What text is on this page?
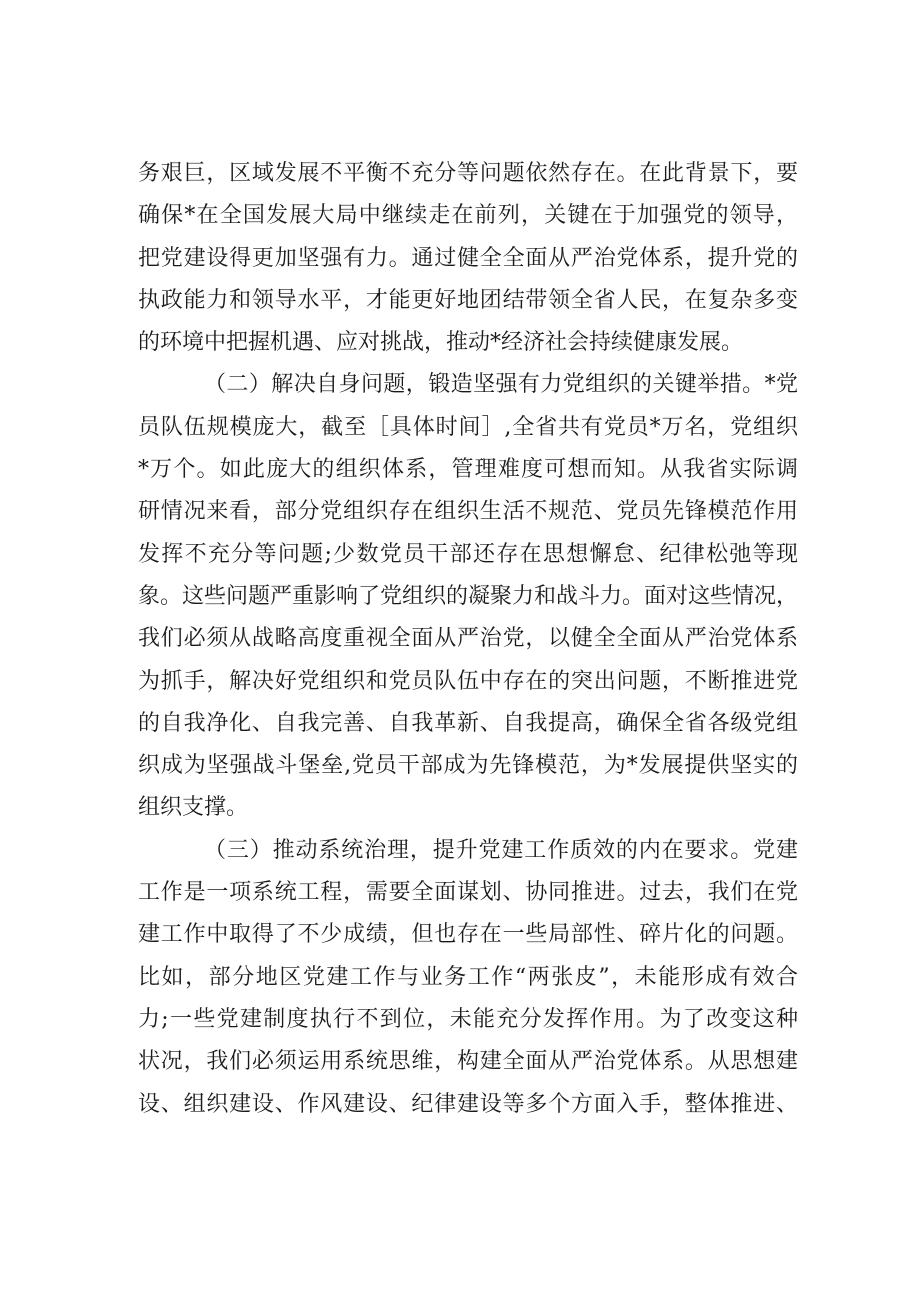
务艰巨，区域发展不平衡不充分等问题依然存在。在此背景下，要
确保*在全国发展大局中继续走在前列，关键在于加强党的领导，
把党建设得更加坚强有力。通过健全全面从严治党体系，提升党的
执政能力和领导水平，才能更好地团结带领全省人民，在复杂多变
的环境中把握机遇、应对挑战，推动*经济社会持续健康发展。
（二）解决自身问题，锻造坚强有力党组织的关键举措。*党
员队伍规模庞大，截至［具体时间］,全省共有党员*万名，党组织
*万个。如此庞大的组织体系，管理难度可想而知。从我省实际调
研情况来看，部分党组织存在组织生活不规范、党员先锋模范作用
发挥不充分等问题;少数党员干部还存在思想懈怠、纪律松弛等现
象。这些问题严重影响了党组织的凝聚力和战斗力。面对这些情况，
我们必须从战略高度重视全面从严治党，以健全全面从严治党体系
为抓手，解决好党组织和党员队伍中存在的突出问题，不断推进党
的自我净化、自我完善、自我革新、自我提高，确保全省各级党组
织成为坚强战斗堡垒,党员干部成为先锋模范，为*发展提供坚实的
组织支撑。
（三）推动系统治理，提升党建工作质效的内在要求。党建
工作是一项系统工程，需要全面谋划、协同推进。过去，我们在党
建工作中取得了不少成绩，但也存在一些局部性、碎片化的问题。
比如，部分地区党建工作与业务工作“两张皮”，未能形成有效合
力;一些党建制度执行不到位，未能充分发挥作用。为了改变这种
状况，我们必须运用系统思维，构建全面从严治党体系。从思想建
设、组织建设、作风建设、纪律建设等多个方面入手，整体推进、
